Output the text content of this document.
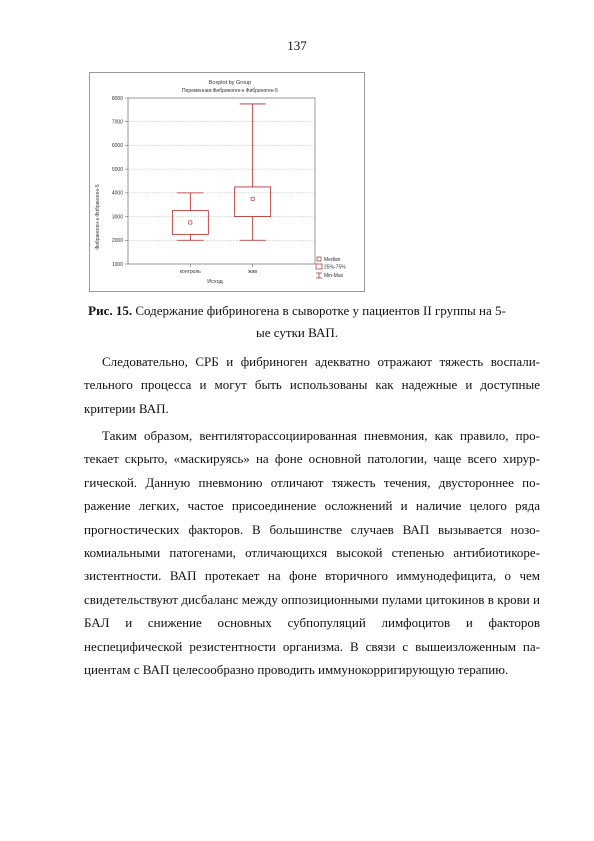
137
Boxplot by Group
Переменная:Фибриноген-к Фибриноген-5
Фибриноген-к Фибриноген-5
Исход
1000
2000
3000
4000
5000
6000
7000
8000
контроль	жив
Median
25%-75%
Min-Max
Рис. 15. Содержание фибриногена в сыворотке у пациентов II группы на 5-ые сутки ВАП.

Следовательно, СРБ и фибриноген адекватно отражают тяжесть воспалительного процесса и могут быть использованы как надежные и доступные критерии ВАП.

Таким образом, вентиляторассоциированная пневмония, как правило, протекает скрыто, «маскируясь» на фоне основной патологии, чаще всего хирургической. Данную пневмонию отличают тяжесть течения, двустороннее поражение легких, частое присоединение осложнений и наличие целого ряда прогностических факторов. В большинстве случаев ВАП вызывается нозокомиальными патогенами, отличающихся высокой степенью антибиотикорезистентности. ВАП протекает на фоне вторичного иммунодефицита, о чем свидетельствуют дисбаланс между оппозиционными пулами цитокинов в крови и БАЛ и снижение основных субпопуляций лимфоцитов и факторов неспецифической резистентности организма. В связи с вышеизложенным пациентам с ВАП целесообразно проводить иммунокорригирующую терапию.
